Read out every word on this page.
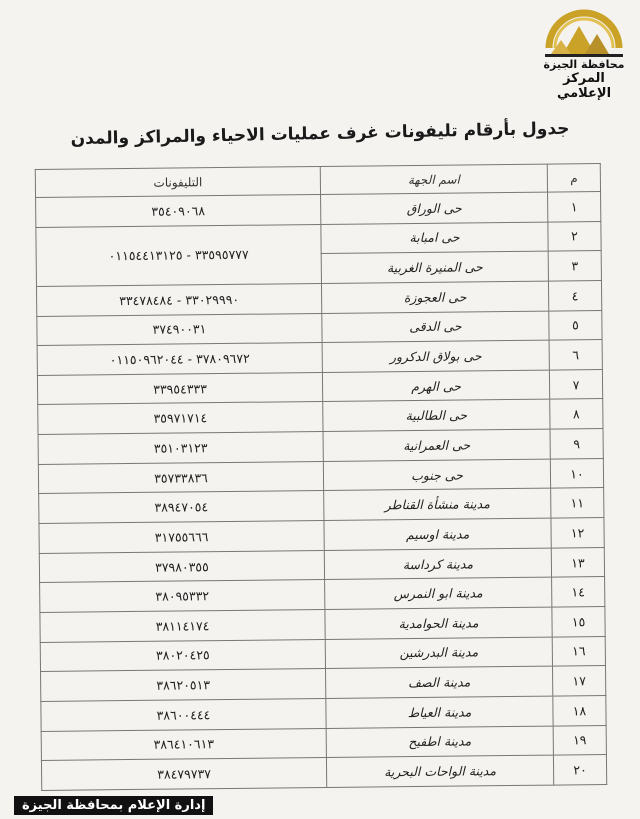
محافظة الجيزة
المركز الإعلامي
جدول بأرقام تليفونات غرف عمليات الاحياء والمراكز والمدن
م	اسم الجهة	التليفونات
١	حى الوراق	٣٥٤٠٩٠٦٨
٢	حى امبابة	٣٣٥٩٥٧٧٧ - ٠١١٥٤٤١٣١٢٥
٣	حى المنيرة الغربية	
٤	حى العجوزة	٣٣٠٢٩٩٩٠ - ٣٣٤٧٨٤٨٤
٥	حى الدقى	٣٧٤٩٠٠٣١
٦	حى بولاق الدكرور	٣٧٨٠٩٦٧٢ - ٠١١٥٠٩٦٢٠٤٤
٧	حى الهرم	٣٣٩٥٤٣٣٣
٨	حى الطالبية	٣٥٩٧١٧١٤
٩	حى العمرانية	٣٥١٠٣١٢٣
١٠	حى جنوب	٣٥٧٣٣٨٣٦
١١	مدينة منشأة القناطر	٣٨٩٤٧٠٥٤
١٢	مدينة اوسيم	٣١٧٥٥٦٦٦
١٣	مدينة كرداسة	٣٧٩٨٠٣٥٥
١٤	مدينة ابو النمرس	٣٨٠٩٥٣٣٢
١٥	مدينة الحوامدية	٣٨١١٤١٧٤
١٦	مدينة البدرشين	٣٨٠٢٠٤٢٥
١٧	مدينة الصف	٣٨٦٢٠٥١٣
١٨	مدينة العياط	٣٨٦٠٠٤٤٤
١٩	مدينة اطفيح	٣٨٦٤١٠٦١٣
٢٠	مدينة الواحات البحرية	٣٨٤٧٩٧٣٧
إدارة الإعلام بمحافظة الجيزة
